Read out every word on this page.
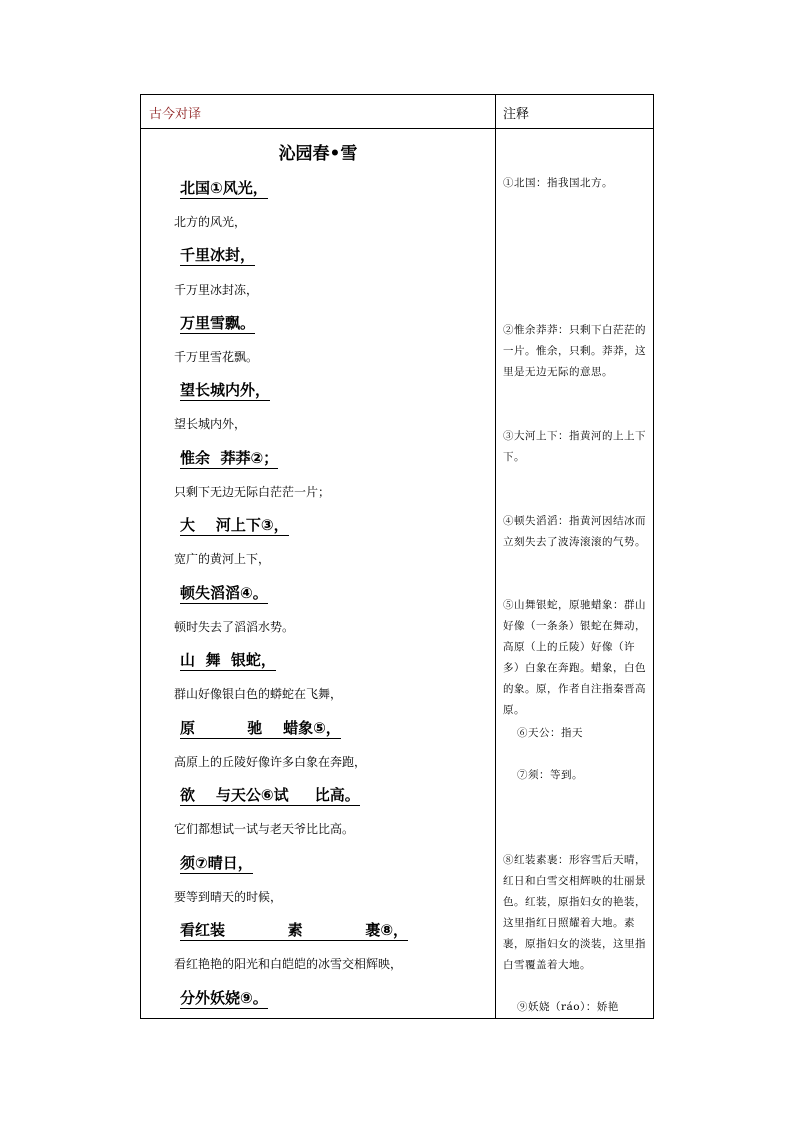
古今对译	注释
沁园春•雪
北国①风光，
北方的风光，
千里冰封，
千万里冰封冻，
万里雪飘。
千万里雪花飘。
望长城内外，
望长城内外，
惟余  莽莽②；
只剩下无边无际白茫茫一片；
大    河上下③，
宽广的黄河上下，
顿失滔滔④。
顿时失去了滔滔水势。
山  舞  银蛇，
群山好像银白色的蟒蛇在飞舞，
原          驰    蜡象⑤，
高原上的丘陵好像许多白象在奔跑，
欲    与天公⑥试     比高。
它们都想试一试与老天爷比比高。
须⑦晴日，
要等到晴天的时候，
看红装            素            裹⑧，
看红艳艳的阳光和白皑皑的冰雪交相辉映，
分外妖娆⑨。
①北国：指我国北方。
②惟余莽莽：只剩下白茫茫的一片。惟余，只剩。莽莽，这里是无边无际的意思。
③大河上下：指黄河的上上下下。
④顿失滔滔：指黄河因结冰而立刻失去了波涛滚滚的气势。
⑤山舞银蛇，原驰蜡象：群山好像（一条条）银蛇在舞动，高原（上的丘陵）好像（许多）白象在奔跑。蜡象，白色的象。原，作者自注指秦晋高原。
⑥天公：指天
⑦须：等到。
⑧红装素裹：形容雪后天晴，红日和白雪交相辉映的壮丽景色。红装，原指妇女的艳装，这里指红日照耀着大地。素裹，原指妇女的淡装，这里指白雪覆盖着大地。
⑨妖娆（ráo）：娇艳
